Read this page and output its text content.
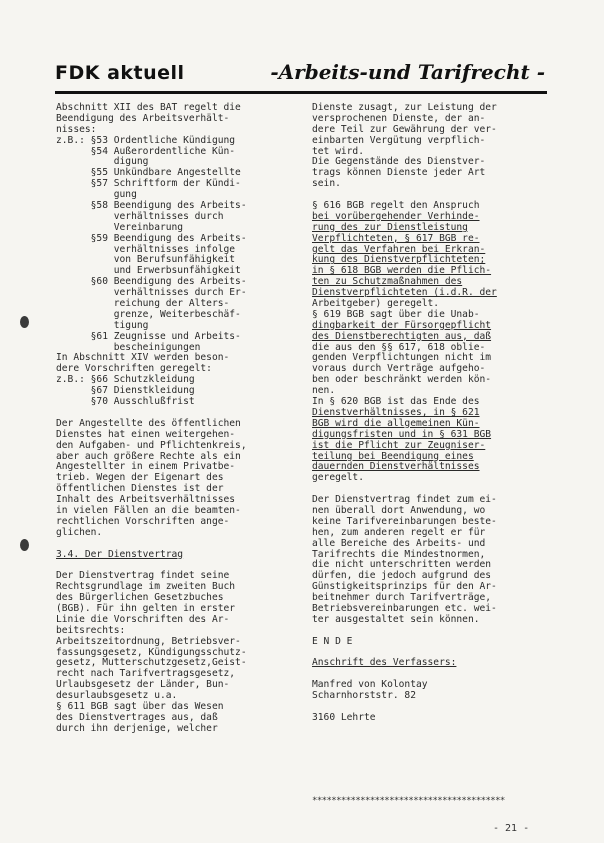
FDK aktuell	-Arbeits-und Tarifrecht -
Abschnitt XII des BAT regelt die
Beendigung des Arbeitsverhält-
nisses:
z.B.: §53 Ordentliche Kündigung
§54 Außerordentliche Kün-
digung
§55 Unkündbare Angestellte
§57 Schriftform der Kündi-
gung
§58 Beendigung des Arbeits-
verhältnisses durch
Vereinbarung
§59 Beendigung des Arbeits-
verhältnisses infolge
von Berufsunfähigkeit
und Erwerbsunfähigkeit
§60 Beendigung des Arbeits-
verhältnisses durch Er-
reichung der Alters-
grenze, Weiterbeschäf-
tigung
§61 Zeugnisse und Arbeits-
bescheinigungen
In Abschnitt XIV werden beson-
dere Vorschriften geregelt:
z.B.: §66 Schutzkleidung
§67 Dienstkleidung
§70 Ausschlußfrist
Der Angestellte des öffentlichen
Dienstes hat einen weitergehen-
den Aufgaben- und Pflichtenkreis,
aber auch größere Rechte als ein
Angestellter in einem Privatbe-
trieb. Wegen der Eigenart des
öffentlichen Dienstes ist der
Inhalt des Arbeitsverhältnisses
in vielen Fällen an die beamten-
rechtlichen Vorschriften ange-
glichen.
3.4. Der Dienstvertrag
Der Dienstvertrag findet seine
Rechtsgrundlage im zweiten Buch
des Bürgerlichen Gesetzbuches
(BGB). Für ihn gelten in erster
Linie die Vorschriften des Ar-
beitsrechts:
Arbeitszeitordnung, Betriebsver-
fassungsgesetz, Kündigungsschutz-
gesetz, Mutterschutzgesetz,Geist-
recht nach Tarifvertragsgesetz,
Urlaubsgesetz der Länder, Bun-
desurlaubsgesetz u.a.
§ 611 BGB sagt über das Wesen
des Dienstvertrages aus, daß
durch ihn derjenige, welcher
Dienste zusagt, zur Leistung der
versprochenen Dienste, der an-
dere Teil zur Gewährung der ver-
einbarten Vergütung verpflich-
tet wird.
Die Gegenstände des Dienstver-
trags können Dienste jeder Art
sein.
§ 616 BGB regelt den Anspruch
bei vorübergehender Verhinde-
rung des zur Dienstleistung
Verpflichteten, § 617 BGB re-
gelt das Verfahren bei Erkran-
kung des Dienstverpflichteten;
in § 618 BGB werden die Pflich-
ten zu Schutzmaßnahmen des
Dienstverpflichteten (i.d.R. der
Arbeitgeber) geregelt.
§ 619 BGB sagt über die Unab-
dingbarkeit der Fürsorgepflicht
des Dienstberechtigten aus, daß
die aus den §§ 617, 618 oblie-
genden Verpflichtungen nicht im
voraus durch Verträge aufgeho-
ben oder beschränkt werden kön-
nen.
In § 620 BGB ist das Ende des
Dienstverhältnisses, in § 621
BGB wird die allgemeinen Kün-
digungsfristen und in § 631 BGB
ist die Pflicht zur Zeugniser-
teilung bei Beendigung eines
dauernden Dienstverhältnisses
geregelt.
Der Dienstvertrag findet zum ei-
nen überall dort Anwendung, wo
keine Tarifvereinbarungen beste-
hen, zum anderen regelt er für
alle Bereiche des Arbeits- und
Tarifrechts die Mindestnormen,
die nicht unterschritten werden
dürfen, die jedoch aufgrund des
Günstigkeitsprinzips für den Ar-
beitnehmer durch Tarifverträge,
Betriebsvereinbarungen etc. wei-
ter ausgestaltet sein können.
E N D E
Anschrift des Verfassers:
Manfred von Kolontay
Scharnhorststr. 82
3160 Lehrte
****************************************
- 21 -
